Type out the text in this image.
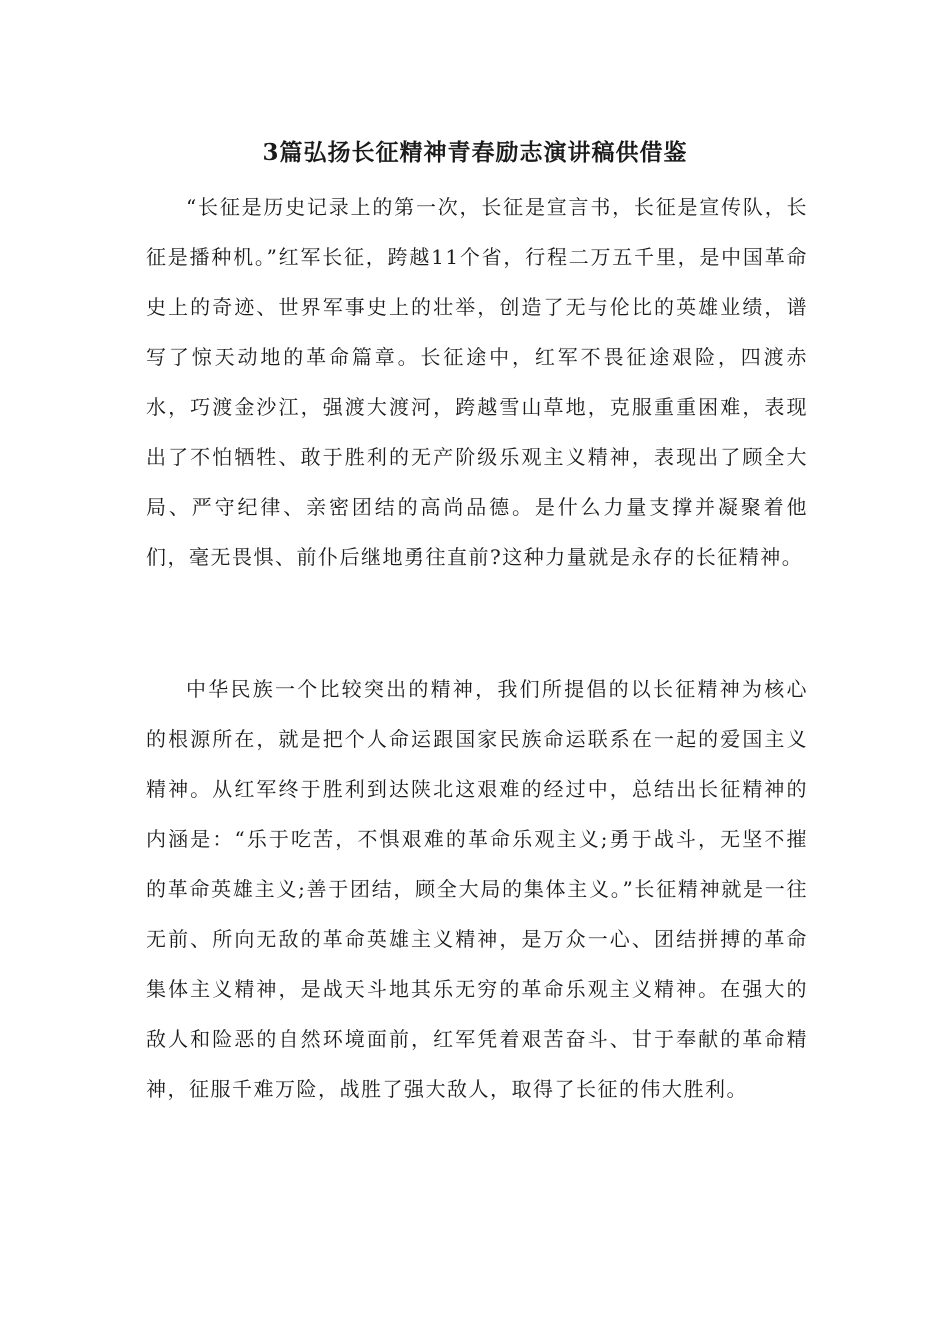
3篇弘扬长征精神青春励志演讲稿供借鉴

“长征是历史记录上的第一次，长征是宣言书，长征是宣传队，长征是播种机。”红军长征，跨越11个省，行程二万五千里，是中国革命史上的奇迹、世界军事史上的壮举，创造了无与伦比的英雄业绩，谱写了惊天动地的革命篇章。长征途中，红军不畏征途艰险，四渡赤水，巧渡金沙江，强渡大渡河，跨越雪山草地，克服重重困难，表现出了不怕牺牲、敢于胜利的无产阶级乐观主义精神，表现出了顾全大局、严守纪律、亲密团结的高尚品德。是什么力量支撑并凝聚着他们，毫无畏惧、前仆后继地勇往直前?这种力量就是永存的长征精神。

中华民族一个比较突出的精神，我们所提倡的以长征精神为核心的根源所在，就是把个人命运跟国家民族命运联系在一起的爱国主义精神。从红军终于胜利到达陕北这艰难的经过中，总结出长征精神的内涵是：“乐于吃苦，不惧艰难的革命乐观主义;勇于战斗，无坚不摧的革命英雄主义;善于团结，顾全大局的集体主义。”长征精神就是一往无前、所向无敌的革命英雄主义精神，是万众一心、团结拼搏的革命集体主义精神，是战天斗地其乐无穷的革命乐观主义精神。在强大的敌人和险恶的自然环境面前，红军凭着艰苦奋斗、甘于奉献的革命精神，征服千难万险，战胜了强大敌人，取得了长征的伟大胜利。
